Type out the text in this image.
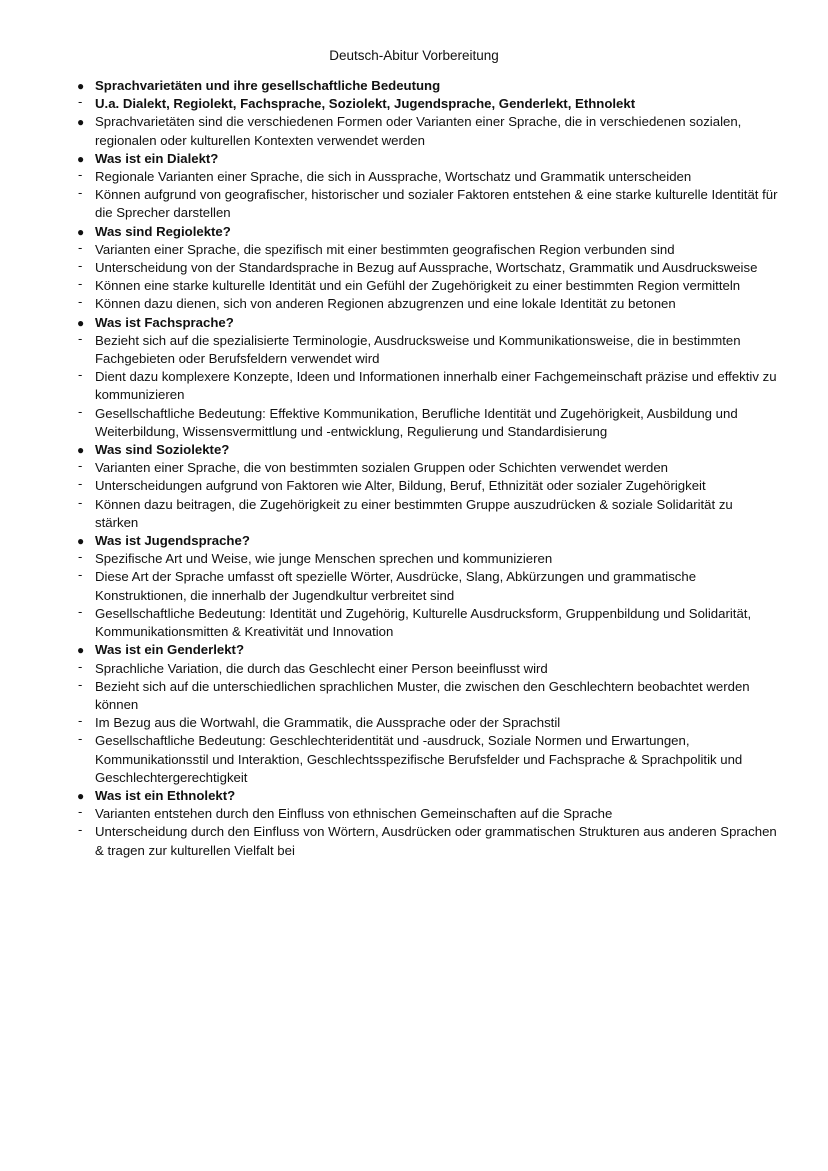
Deutsch-Abitur Vorbereitung
● Sprachvarietäten und ihre gesellschaftliche Bedeutung
- U.a. Dialekt, Regiolekt, Fachsprache, Soziolekt, Jugendsprache, Genderlekt, Ethnolekt
● Sprachvarietäten sind die verschiedenen Formen oder Varianten einer Sprache, die in verschiedenen sozialen, regionalen oder kulturellen Kontexten verwendet werden
● Was ist ein Dialekt?
- Regionale Varianten einer Sprache, die sich in Aussprache, Wortschatz und Grammatik unterscheiden
- Können aufgrund von geografischer, historischer und sozialer Faktoren entstehen & eine starke kulturelle Identität für die Sprecher darstellen
● Was sind Regiolekte?
- Varianten einer Sprache, die spezifisch mit einer bestimmten geografischen Region verbunden sind
- Unterscheidung von der Standardsprache in Bezug auf Aussprache, Wortschatz, Grammatik und Ausdrucksweise
- Können eine starke kulturelle Identität und ein Gefühl der Zugehörigkeit zu einer bestimmten Region vermitteln
- Können dazu dienen, sich von anderen Regionen abzugrenzen und eine lokale Identität zu betonen
● Was ist Fachsprache?
- Bezieht sich auf die spezialisierte Terminologie, Ausdrucksweise und Kommunikationsweise, die in bestimmten Fachgebieten oder Berufsfeldern verwendet wird
- Dient dazu komplexere Konzepte, Ideen und Informationen innerhalb einer Fachgemeinschaft präzise und effektiv zu kommunizieren
- Gesellschaftliche Bedeutung: Effektive Kommunikation, Berufliche Identität und Zugehörigkeit, Ausbildung und Weiterbildung, Wissensvermittlung und -entwicklung, Regulierung und Standardisierung
● Was sind Soziolekte?
- Varianten einer Sprache, die von bestimmten sozialen Gruppen oder Schichten verwendet werden
- Unterscheidungen aufgrund von Faktoren wie Alter, Bildung, Beruf, Ethnizität oder sozialer Zugehörigkeit
- Können dazu beitragen, die Zugehörigkeit zu einer bestimmten Gruppe auszudrücken & soziale Solidarität zu stärken
● Was ist Jugendsprache?
- Spezifische Art und Weise, wie junge Menschen sprechen und kommunizieren
- Diese Art der Sprache umfasst oft spezielle Wörter, Ausdrücke, Slang, Abkürzungen und grammatische Konstruktionen, die innerhalb der Jugendkultur verbreitet sind
- Gesellschaftliche Bedeutung: Identität und Zugehörig, Kulturelle Ausdrucksform, Gruppenbildung und Solidarität, Kommunikationsmitten & Kreativität und Innovation
● Was ist ein Genderlekt?
- Sprachliche Variation, die durch das Geschlecht einer Person beeinflusst wird
- Bezieht sich auf die unterschiedlichen sprachlichen Muster, die zwischen den Geschlechtern beobachtet werden können
- Im Bezug aus die Wortwahl, die Grammatik, die Aussprache oder der Sprachstil
- Gesellschaftliche Bedeutung: Geschlechteridentität und -ausdruck, Soziale Normen und Erwartungen, Kommunikationsstil und Interaktion, Geschlechtsspezifische Berufsfelder und Fachsprache & Sprachpolitik und Geschlechtergerechtigkeit
● Was ist ein Ethnolekt?
- Varianten entstehen durch den Einfluss von ethnischen Gemeinschaften auf die Sprache
- Unterscheidung durch den Einfluss von Wörtern, Ausdrücken oder grammatischen Strukturen aus anderen Sprachen & tragen zur kulturellen Vielfalt bei
